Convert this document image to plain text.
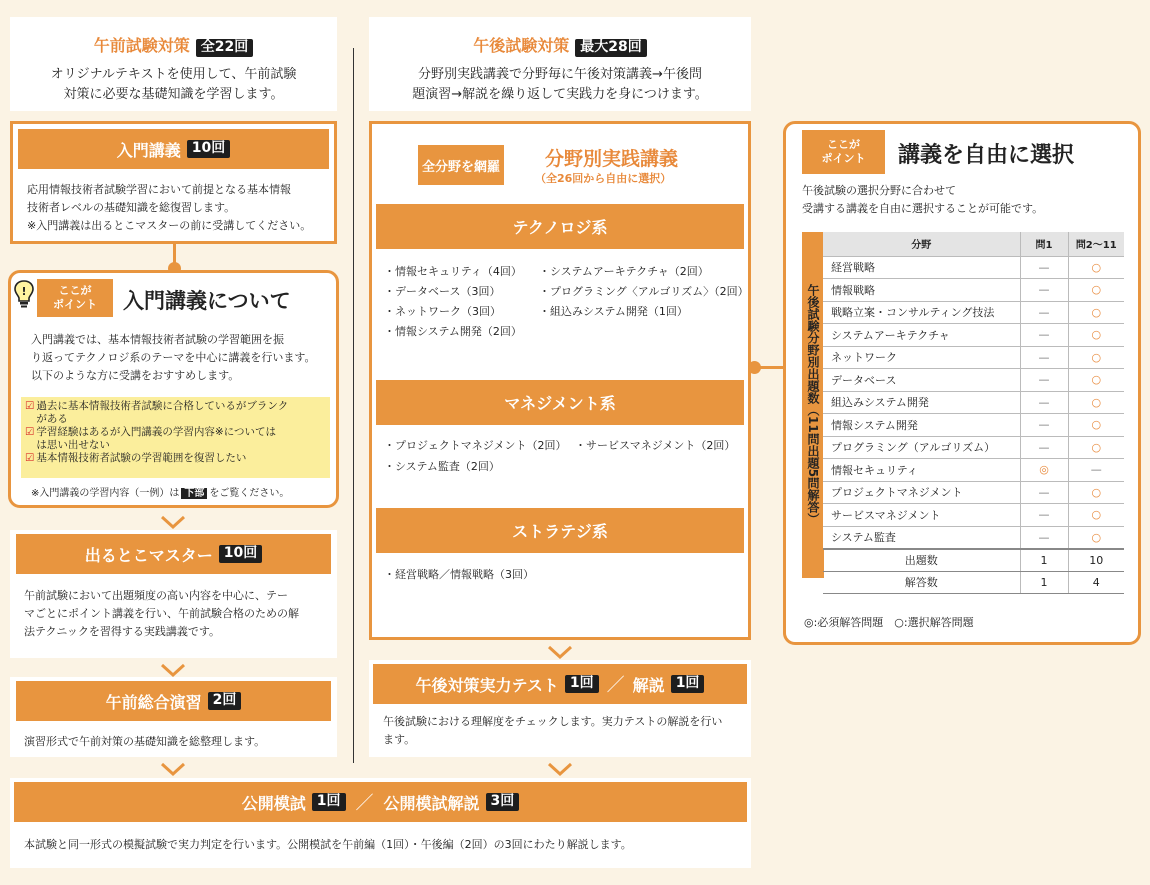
午前試験対策 全22回
オリジナルテキストを使用して、午前試験
対策に必要な基礎知識を学習します。
入門講義 10回
応用情報技術者試験学習において前提となる基本情報
技術者レベルの基礎知識を総復習します。
※入門講義は出るとこマスターの前に受講してください。
!	ここが
ポイント 入門講義について
入門講義では、基本情報技術者試験の学習範囲を振
り返ってテクノロジ系のテーマを中心に講義を行います。
以下のような方に受講をおすすめします。
☑ 過去に基本情報技術者試験に合格しているがブランク
がある
☑ 学習経験はあるが入門講義の学習内容※については
は思い出せない
☑ 基本情報技術者試験の学習範囲を復習したい
※入門講義の学習内容（一例）は 下部 をご覧ください。
出るとこマスター 10回
午前試験において出題頻度の高い内容を中心に、テー
マごとにポイント講義を行い、午前試験合格のための解
法テクニックを習得する実践講義です。
午前総合演習 2回
演習形式で午前対策の基礎知識を総整理します。
午後試験対策 最大28回
分野別実践講義で分野毎に午後対策講義→午後問
題演習→解説を繰り返して実践力を身につけます。
全分野を網羅 分野別実践講義
（全26回から自由に選択）
テクノロジ系
・情報セキュリティ（4回）
・データベース（3回）
・ネットワーク（3回）
・情報システム開発（2回）
・システムアーキテクチャ（2回）
・プログラミング〈アルゴリズム〉（2回）
・組込みシステム開発（1回）
マネジメント系
・プロジェクトマネジメント（2回） ・サービスマネジメント（2回）
・システム監査（2回）
ストラテジ系
・経営戦略／情報戦略（3回）
午後対策実力テスト 1回 ／ 解説 1回
午後試験における理解度をチェックします。実力テストの解説を行い
ます。
ここが
ポイント 講義を自由に選択
午後試験の選択分野に合わせて
受講する講義を自由に選択することが可能です。
午後試験分野別出題数（11問出題5問解答）
分野	問1	問2〜11
経営戦略	—	○
情報戦略	—	○
戦略立案・コンサルティング技法	—	○
システムアーキテクチャ	—	○
ネットワーク	—	○
データベース	—	○
組込みシステム開発	—	○
情報システム開発	—	○
プログラミング（アルゴリズム）	—	○
情報セキュリティ	◎	—
プロジェクトマネジメント	—	○
サービスマネジメント	—	○
システム監査	—	○
出題数	1	10
解答数	1	4
◎:必須解答問題　○:選択解答問題
公開模試 1回 ／ 公開模試解説 3回
本試験と同一形式の模擬試験で実力判定を行います。公開模試を午前編（1回）・午後編（2回）の3回にわたり解説します。
